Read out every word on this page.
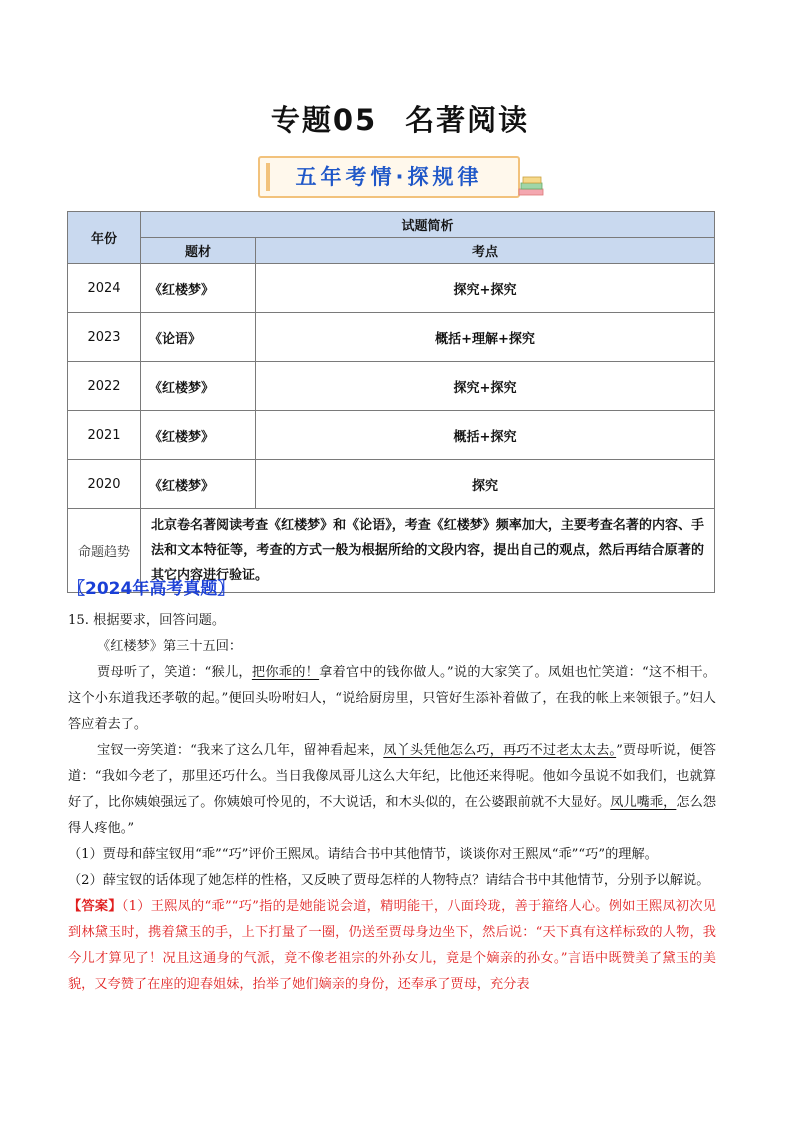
专题05 名著阅读
五年考情·探规律
年份	试题简析	
	题材	考点
2024	《红楼梦》	探究+探究
2023	《论语》	概括+理解+探究
2022	《红楼梦》	探究+探究
2021	《红楼梦》	概括+探究
2020	《红楼梦》	探究
命题趋势	北京卷名著阅读考查《红楼梦》和《论语》，考查《红楼梦》频率加大，主要考查名著的内容、手法和文本特征等，考查的方式一般为根据所给的文段内容，提出自己的观点，然后再结合原著的其它内容进行验证。	
〖2024年高考真题〗

15. 根据要求，回答问题。

《红楼梦》第三十五回：

贾母听了，笑道：“猴儿，把你乖的！拿着官中的钱你做人。”说的大家笑了。凤姐也忙笑道：“这不相干。这个小东道我还孝敬的起。”便回头吩咐妇人，“说给厨房里，只管好生添补着做了，在我的帐上来领银子。”妇人答应着去了。

宝钗一旁笑道：“我来了这么几年，留神看起来，凤丫头凭他怎么巧，再巧不过老太太去。”贾母听说，便答道：“我如今老了，那里还巧什么。当日我像凤哥儿这么大年纪，比他还来得呢。他如今虽说不如我们，也就算好了，比你姨娘强远了。你姨娘可怜见的，不大说话，和木头似的，在公婆跟前就不大显好。凤儿嘴乖，怎么怨得人疼他。”

（1）贾母和薛宝钗用“乖”“巧”评价王熙凤。请结合书中其他情节，谈谈你对王熙凤“乖”“巧”的理解。

（2）薛宝钗的话体现了她怎样的性格，又反映了贾母怎样的人物特点？请结合书中其他情节，分别予以解说。

【答案】（1）王熙凤的“乖”“巧”指的是她能说会道，精明能干，八面玲珑，善于箍络人心。例如王熙凤初次见到林黛玉时，携着黛玉的手，上下打量了一圈，仍送至贾母身边坐下，然后说：“天下真有这样标致的人物，我今儿才算见了！况且这通身的气派，竟不像老祖宗的外孙女儿，竟是个嫡亲的孙女。”言语中既赞美了黛玉的美貌，又夸赞了在座的迎春姐妹，抬举了她们嫡亲的身份，还奉承了贾母，充分表
